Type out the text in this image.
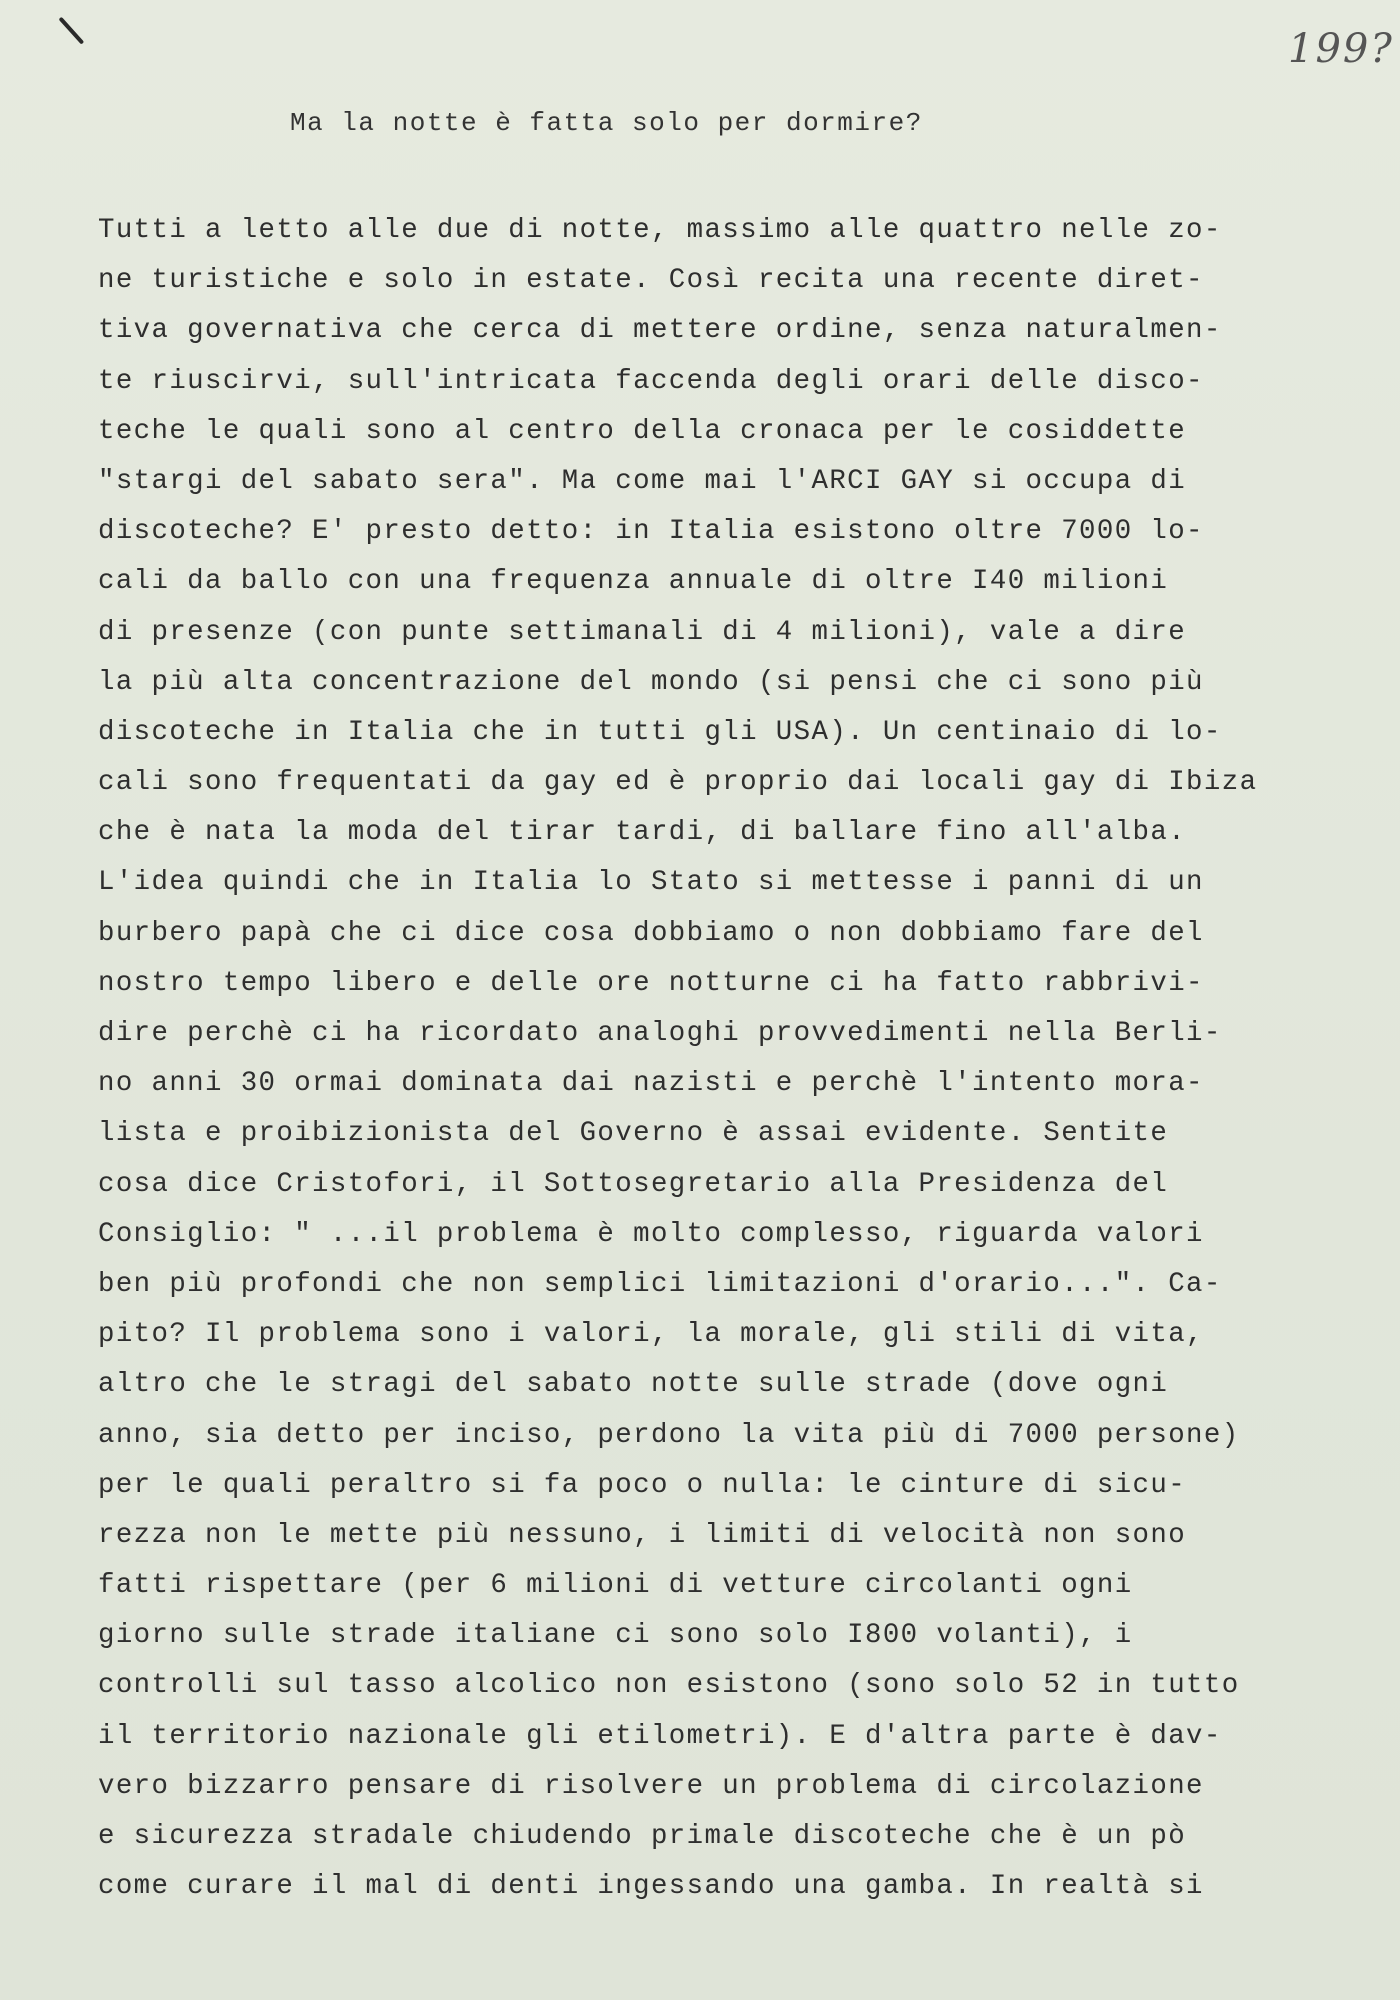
199?
Ma la notte è fatta solo per dormire?
Tutti a letto alle due di notte, massimo alle quattro nelle zo-
ne turistiche e solo in estate. Così recita una recente diret-
tiva governativa che cerca di mettere ordine, senza naturalmen-
te riuscirvi, sull'intricata faccenda degli orari delle disco-
teche le quali sono al centro della cronaca per le cosiddette
"stargi del sabato sera". Ma come mai l'ARCI GAY si occupa di
discoteche? E' presto detto: in Italia esistono oltre 7000 lo-
cali da ballo con una frequenza annuale di oltre I40 milioni
di presenze (con punte settimanali di 4 milioni), vale a dire
la più alta concentrazione del mondo (si pensi che ci sono più
discoteche in Italia che in tutti gli USA). Un centinaio di lo-
cali sono frequentati da gay ed è proprio dai locali gay di Ibiza
che è nata la moda del tirar tardi, di ballare fino all'alba.
L'idea quindi che in Italia lo Stato si mettesse i panni di un
burbero papà che ci dice cosa dobbiamo o non dobbiamo fare del
nostro tempo libero e delle ore notturne ci ha fatto rabbrivi-
dire perchè ci ha ricordato analoghi provvedimenti nella Berli-
no anni 30 ormai dominata dai nazisti e perchè l'intento mora-
lista e proibizionista del Governo è assai evidente. Sentite
cosa dice Cristofori, il Sottosegretario alla Presidenza del
Consiglio: " ...il problema è molto complesso, riguarda valori
ben più profondi che non semplici limitazioni d'orario...". Ca-
pito? Il problema sono i valori, la morale, gli stili di vita,
altro che le stragi del sabato notte sulle strade (dove ogni
anno, sia detto per inciso, perdono la vita più di 7000 persone)
per le quali peraltro si fa poco o nulla: le cinture di sicu-
rezza non le mette più nessuno, i limiti di velocità non sono
fatti rispettare (per 6 milioni di vetture circolanti ogni
giorno sulle strade italiane ci sono solo I800 volanti), i
controlli sul tasso alcolico non esistono (sono solo 52 in tutto
il territorio nazionale gli etilometri). E d'altra parte è dav-
vero bizzarro pensare di risolvere un problema di circolazione
e sicurezza stradale chiudendo primale discoteche che è un pò
come curare il mal di denti ingessando una gamba. In realtà si
